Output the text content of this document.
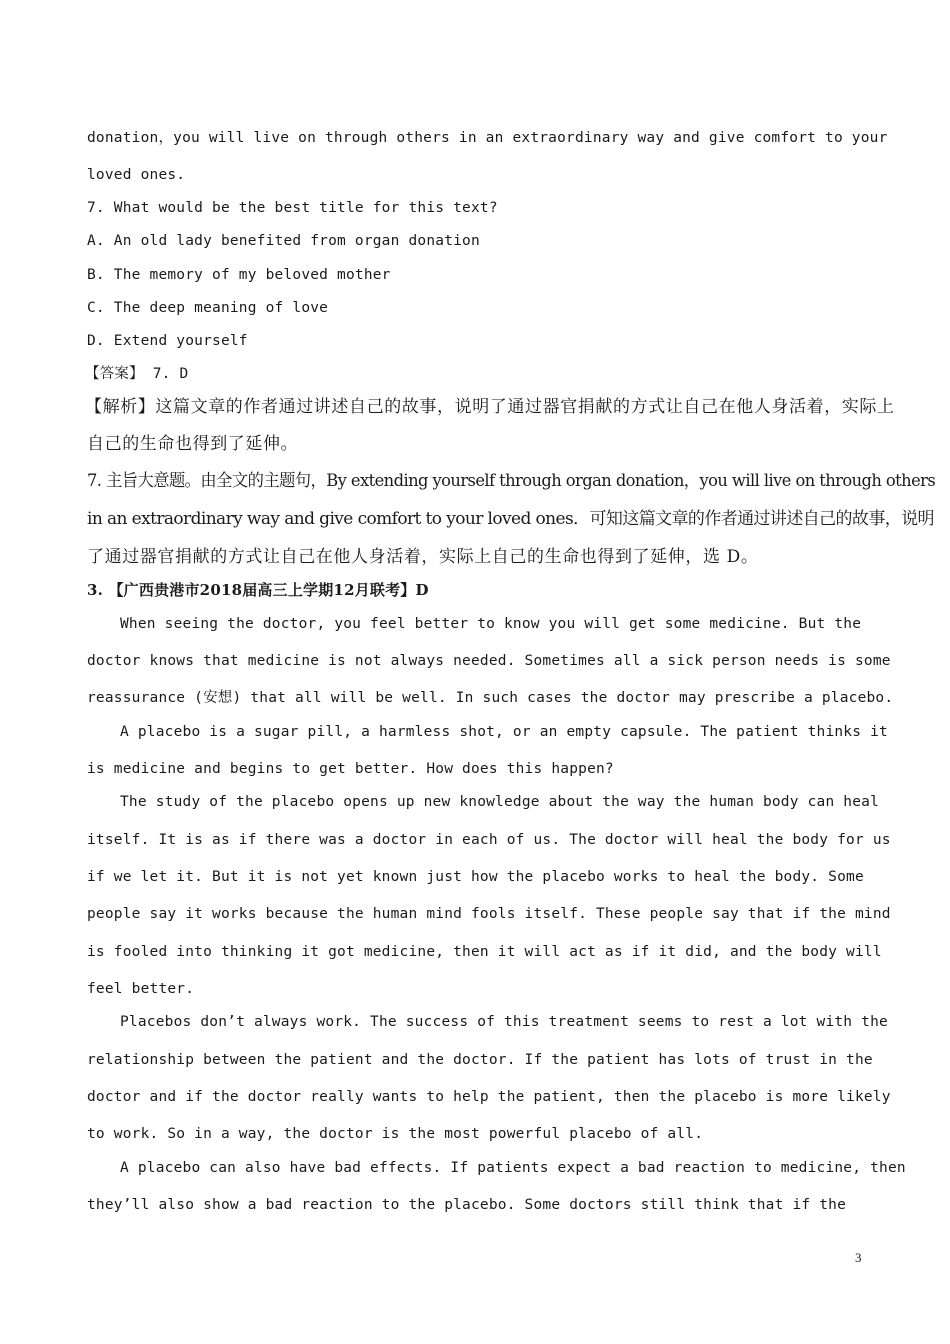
donation，you will live on through others in an extraordinary way and give comfort to your
loved ones.
7. What would be the best title for this text?
A. An old lady benefited from organ donation
B. The memory of my beloved mother
C. The deep meaning of love
D. Extend yourself
【答案】 7. D
【解析】这篇文章的作者通过讲述自己的故事，说明了通过器官捐献的方式让自己在他人身活着，实际上
自己的生命也得到了延伸。
7. 主旨大意题。由全文的主题句，By extending yourself through organ donation，you will live on through others
in an extraordinary way and give comfort to your loved ones．可知这篇文章的作者通过讲述自己的故事，说明
了通过器官捐献的方式让自己在他人身活着，实际上自己的生命也得到了延伸，选 D。
3. 【广西贵港市2018届高三上学期12月联考】D
When seeing the doctor, you feel better to know you will get some medicine. But the
doctor knows that medicine is not always needed. Sometimes all a sick person needs is some
reassurance (安想) that all will be well. In such cases the doctor may prescribe a placebo.
A placebo is a sugar pill, a harmless shot, or an empty capsule. The patient thinks it
is medicine and begins to get better. How does this happen?
The study of the placebo opens up new knowledge about the way the human body can heal
itself. It is as if there was a doctor in each of us. The doctor will heal the body for us
if we let it. But it is not yet known just how the placebo works to heal the body. Some
people say it works because the human mind fools itself. These people say that if the mind
is fooled into thinking it got medicine, then it will act as if it did, and the body will
feel better.
Placebos don’t always work. The success of this treatment seems to rest a lot with the
relationship between the patient and the doctor. If the patient has lots of trust in the
doctor and if the doctor really wants to help the patient, then the placebo is more likely
to work. So in a way, the doctor is the most powerful placebo of all.
A placebo can also have bad effects. If patients expect a bad reaction to medicine, then
they’ll also show a bad reaction to the placebo. Some doctors still think that if the
3
